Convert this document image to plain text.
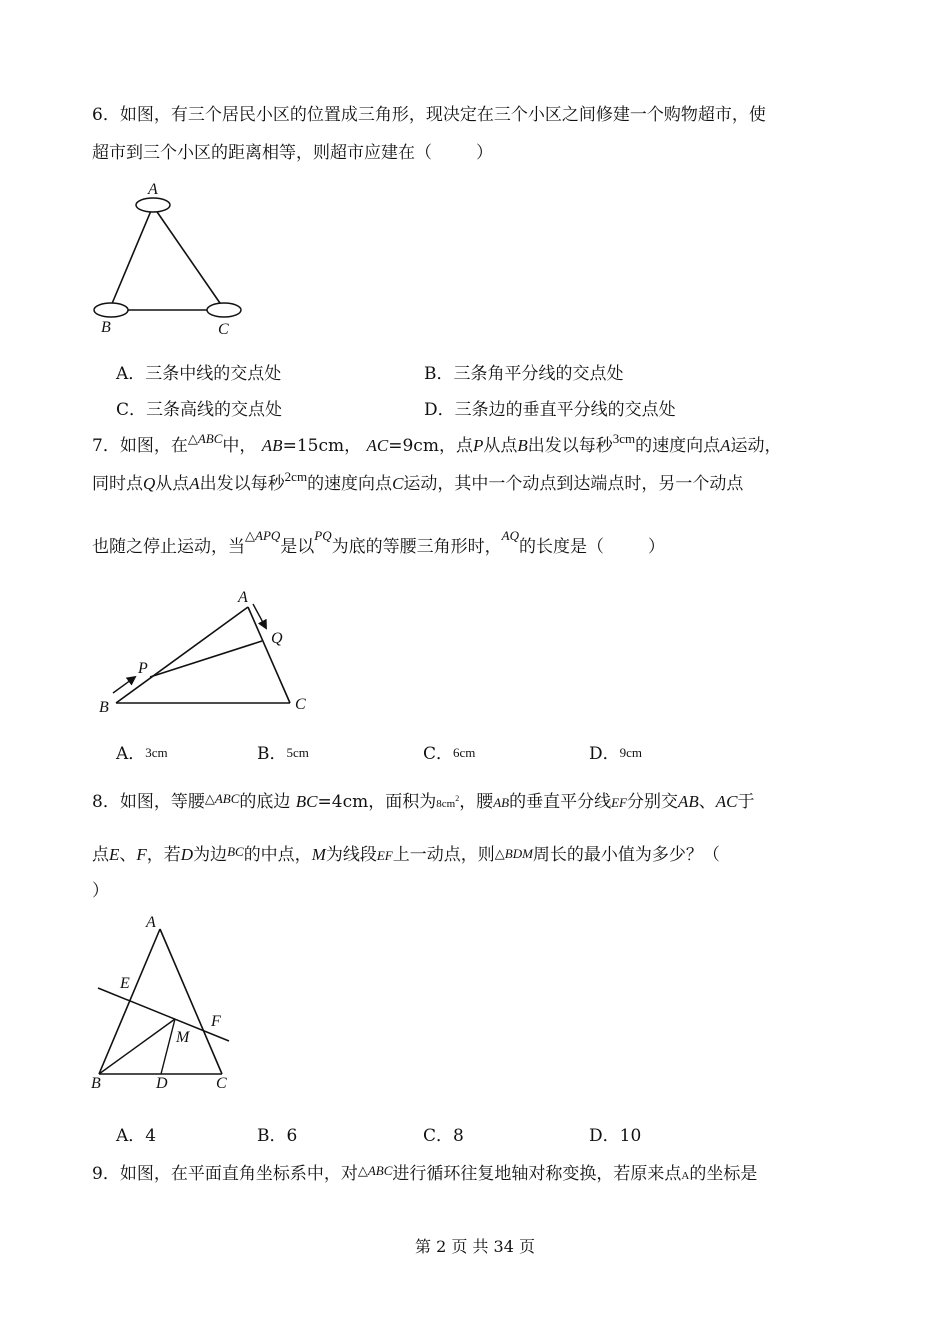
6．如图，有三个居民小区的位置成三角形，现决定在三个小区之间修建一个购物超市，使
超市到三个小区的距离相等，则超市应建在（	）
A
B	C
A．三条中线的交点处	B．三条角平分线的交点处
C．三条高线的交点处	D．三条边的垂直平分线的交点处
7．如图，在$^{\triangle ABC}$中， AB=15cm， AC=9cm，点P从点B出发以每秒$^{3cm}$的速度向点A运动，
同时点Q从点A出发以每秒$^{2cm}$的速度向点C运动，其中一个动点到达端点时，另一个动点
也随之停止运动，当$^{\triangle APQ}$是以$^{PQ}$为底的等腰三角形时，$^{AQ}$的长度是（	）
A
Q
P
B	C
A．3cm	B．5cm	C．6cm	D．9cm
8．如图，等腰$^{\triangle ABC}$的底边 BC=4cm，面积为$8cm^2$，腰AB的垂直平分线EF分别交AB、AC于
点E、F，若D为边$^{BC}$的中点，M为线段EF上一动点，则△BDM周长的最小值为多少？（
）
A
E
F
M
B	D	C
A．4	B．6	C．8	D．10
9．如图，在平面直角坐标系中，对$^{\triangle ABC}$进行循环往复地轴对称变换，若原来点A的坐标是
第 2 页 共 34 页
